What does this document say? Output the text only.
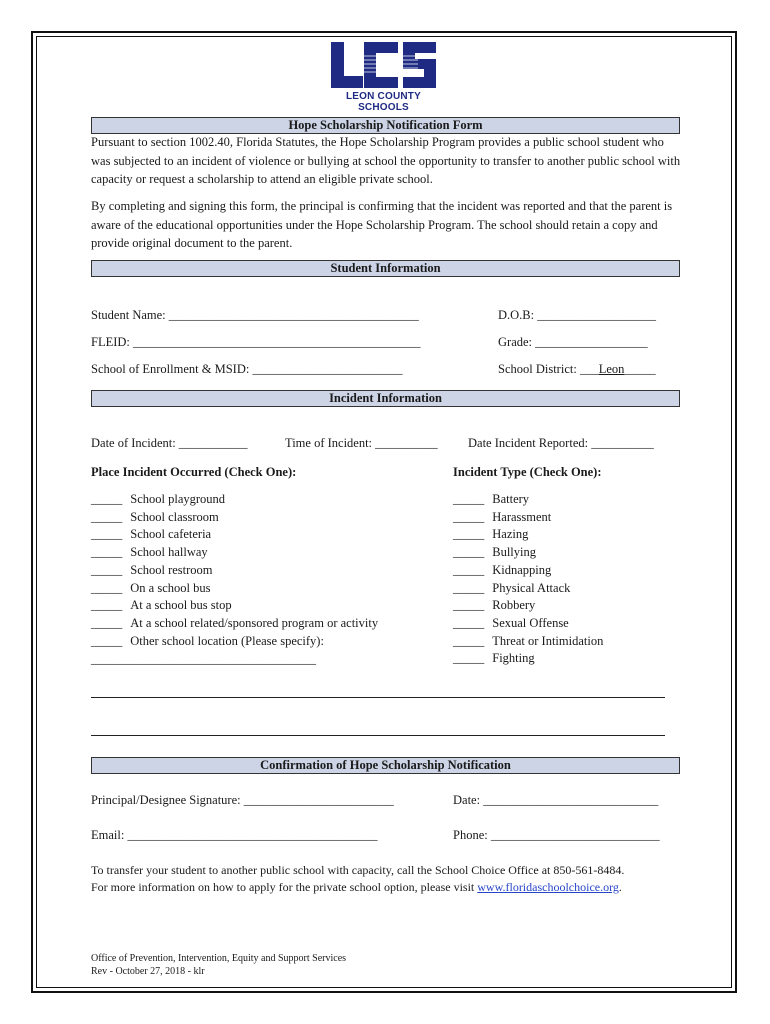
LCS
LEON COUNTY SCHOOLS
Hope Scholarship Notification Form
Pursuant to section 1002.40, Florida Statutes, the Hope Scholarship Program provides a public school student who was subjected to an incident of violence or bullying at school the opportunity to transfer to another public school with capacity or request a scholarship to attend an eligible private school.
By completing and signing this form, the principal is confirming that the incident was reported and that the parent is aware of the educational opportunities under the Hope Scholarship Program. The school should retain a copy and provide original document to the parent.
Student Information
Student Name: ________________________________________	D.O.B: ___________________
FLEID: ______________________________________________	Grade: __________________
School of Enrollment & MSID: ________________________	School District: ___Leon_____
Incident Information
Date of Incident: ___________	Time of Incident: __________ Date Incident Reported: __________
Place Incident Occurred (Check One):	Incident Type (Check One):
_____ School playground
_____ School classroom
_____ School cafeteria
_____ School hallway
_____ School restroom
_____ On a school bus
_____ At a school bus stop
_____ At a school related/sponsored program or activity
_____ Other school location (Please specify):
_____ Battery
_____ Harassment
_____ Hazing
_____ Bullying
_____ Kidnapping
_____ Physical Attack
_____ Robbery
_____ Sexual Offense
_____ Threat or Intimidation
_____ Fighting
____________________________________
Confirmation of Hope Scholarship Notification
Principal/Designee Signature: ________________________	Date: ____________________________
Email: ________________________________________	Phone: ___________________________
To transfer your student to another public school with capacity, call the School Choice Office at 850-561-8484.
For more information on how to apply for the private school option, please visit www.floridaschoolchoice.org.
Office of Prevention, Intervention, Equity and Support Services
Rev - October 27, 2018 - klr
